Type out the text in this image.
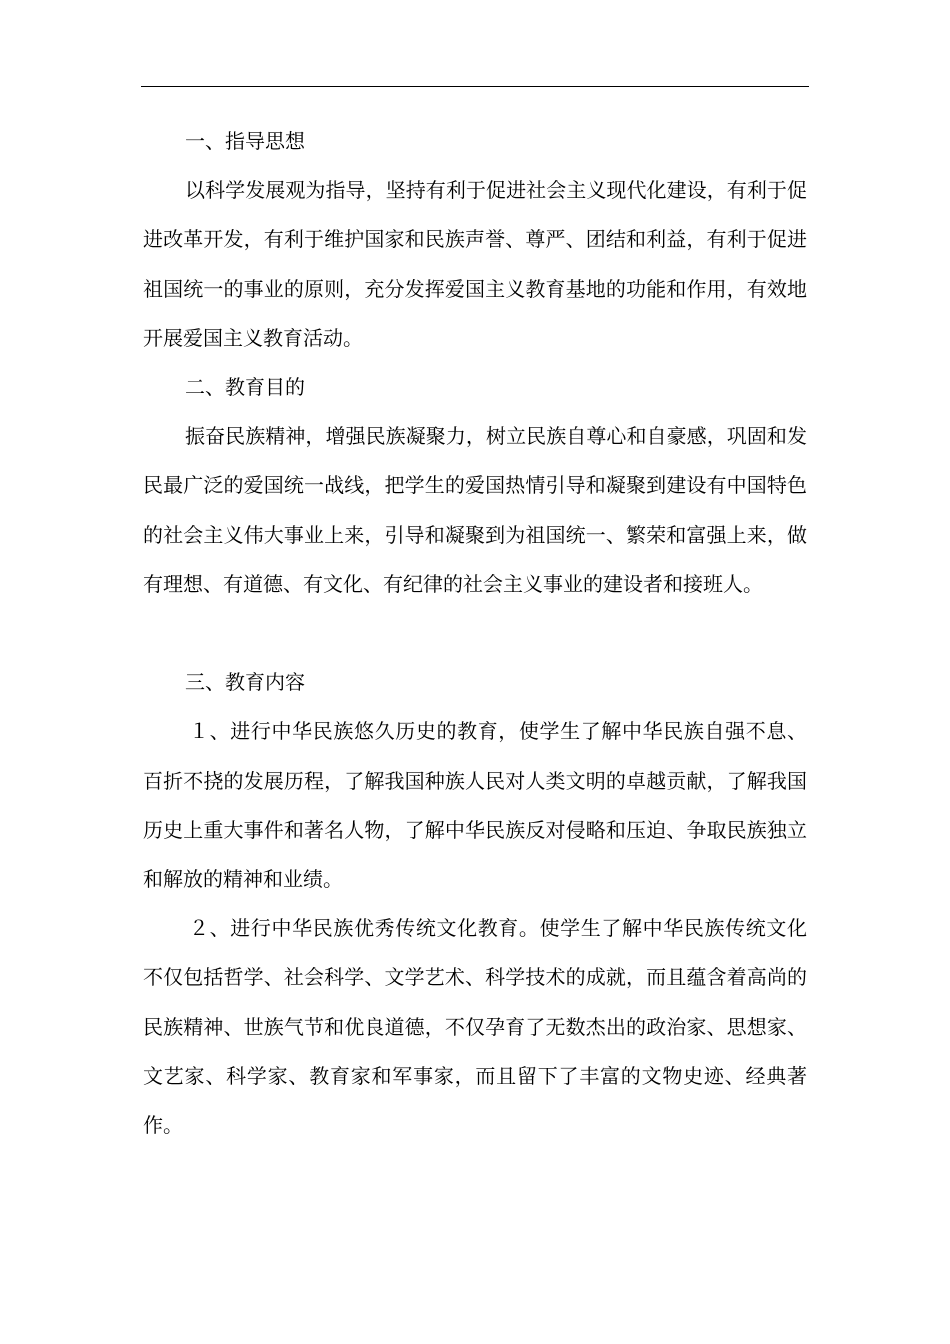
一、指导思想

以科学发展观为指导，坚持有利于促进社会主义现代化建设，有利于促进改革开发，有利于维护国家和民族声誉、尊严、团结和利益，有利于促进祖国统一的事业的原则，充分发挥爱国主义教育基地的功能和作用，有效地开展爱国主义教育活动。

二、教育目的

振奋民族精神，增强民族凝聚力，树立民族自尊心和自豪感，巩固和发民最广泛的爱国统一战线，把学生的爱国热情引导和凝聚到建设有中国特色的社会主义伟大事业上来，引导和凝聚到为祖国统一、繁荣和富强上来，做有理想、有道德、有文化、有纪律的社会主义事业的建设者和接班人。

三、教育内容

１、进行中华民族悠久历史的教育，使学生了解中华民族自强不息、百折不挠的发展历程，了解我国种族人民对人类文明的卓越贡献，了解我国历史上重大事件和著名人物，了解中华民族反对侵略和压迫、争取民族独立和解放的精神和业绩。

２、进行中华民族优秀传统文化教育。使学生了解中华民族传统文化不仅包括哲学、社会科学、文学艺术、科学技术的成就，而且蕴含着高尚的民族精神、世族气节和优良道德，不仅孕育了无数杰出的政治家、思想家、文艺家、科学家、教育家和军事家，而且留下了丰富的文物史迹、经典著作。
